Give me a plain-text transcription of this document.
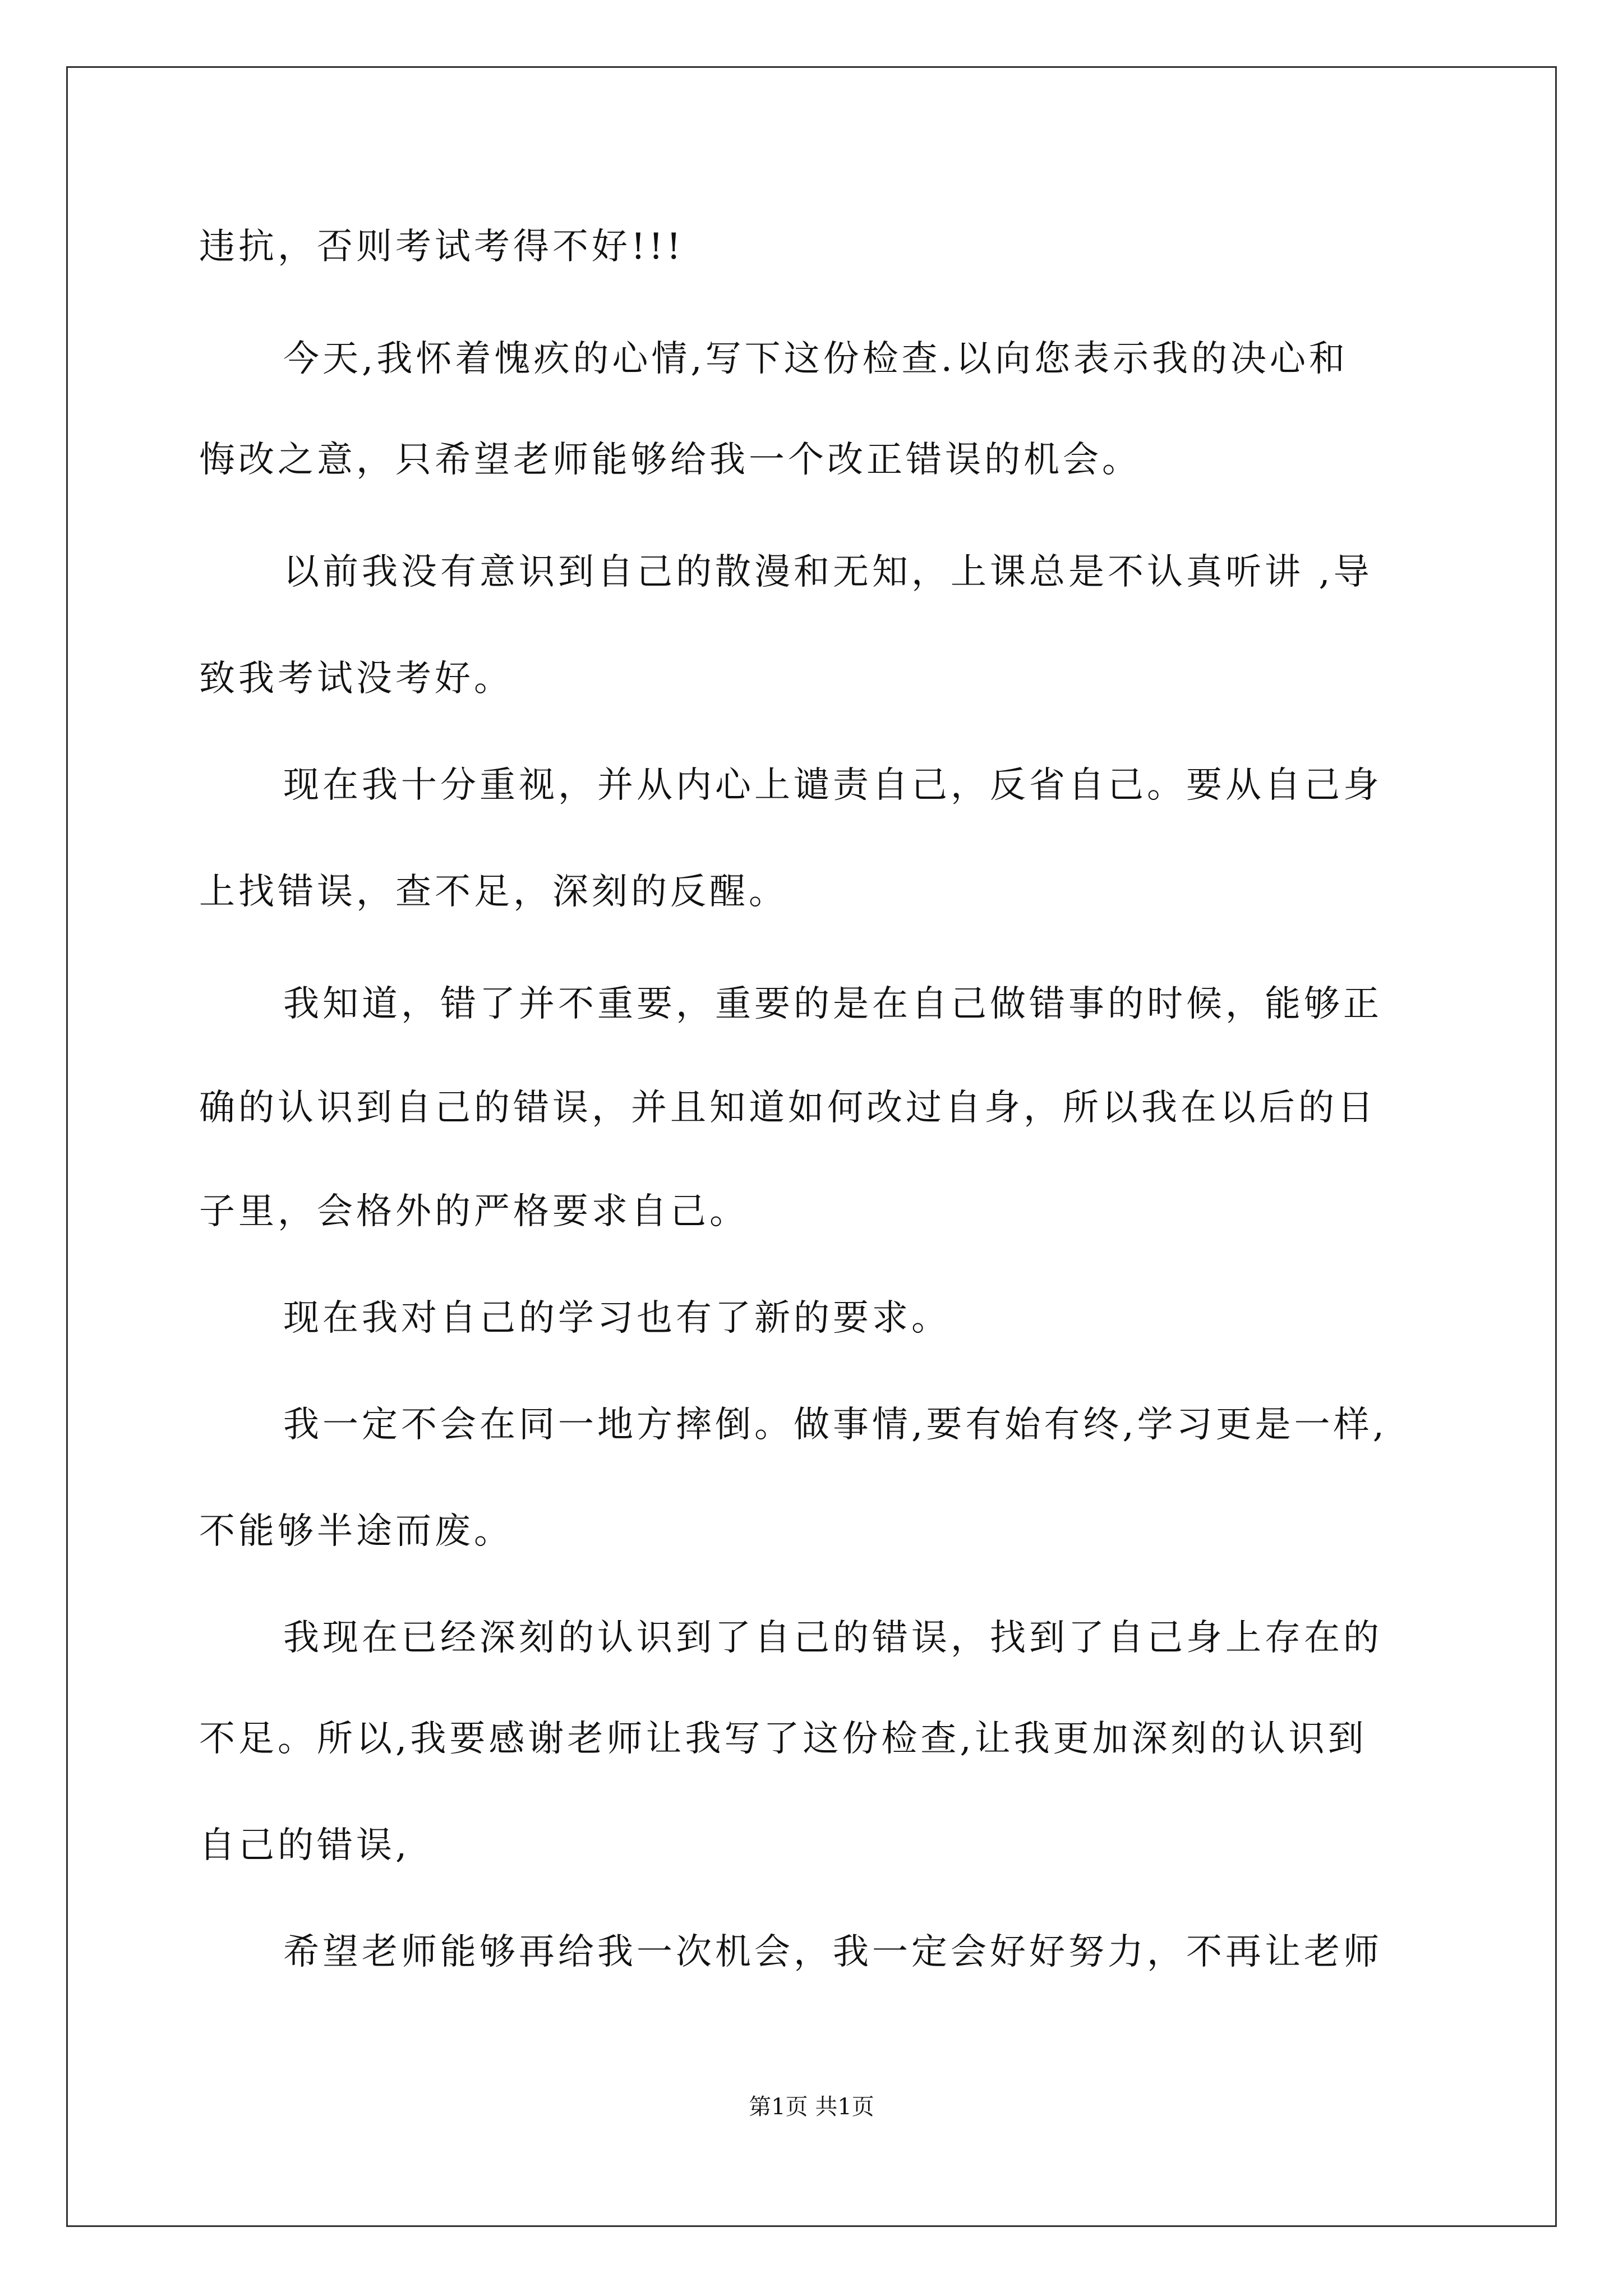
违抗，否则考试考得不好!!!
今天,我怀着愧疚的心情,写下这份检查.以向您表示我的决心和
悔改之意，只希望老师能够给我一个改正错误的机会。
以前我没有意识到自己的散漫和无知，上课总是不认真听讲 ,导
致我考试没考好。
现在我十分重视，并从内心上谴责自己，反省自己。要从自己身
上找错误，查不足，深刻的反醒。
我知道，错了并不重要，重要的是在自己做错事的时候，能够正
确的认识到自己的错误，并且知道如何改过自身，所以我在以后的日
子里，会格外的严格要求自己。
现在我对自己的学习也有了新的要求。
我一定不会在同一地方摔倒。做事情,要有始有终,学习更是一样,
不能够半途而废。
我现在已经深刻的认识到了自己的错误，找到了自己身上存在的
不足。所以,我要感谢老师让我写了这份检查,让我更加深刻的认识到
自己的错误,
希望老师能够再给我一次机会，我一定会好好努力，不再让老师
第1页 共1页
